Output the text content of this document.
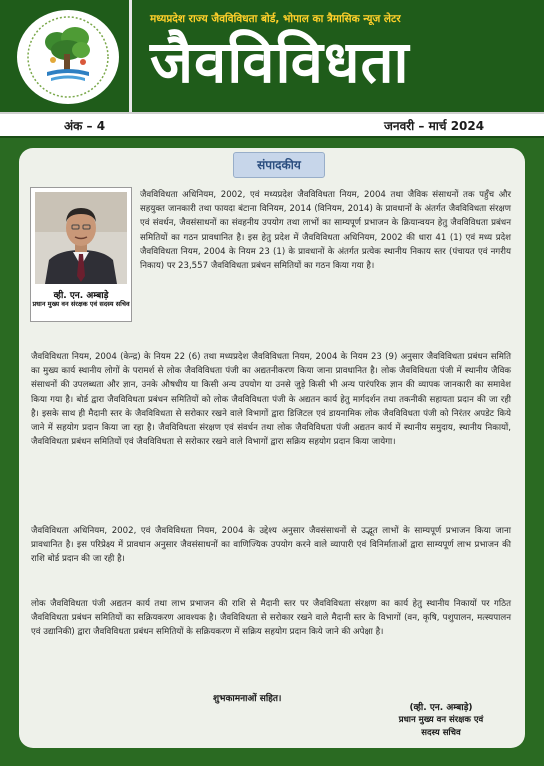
मध्यप्रदेश राज्य जैवविविधता बोर्ड, भोपाल का त्रैमासिक न्यूज लेटर
जैवविविधता
अंक – 4	जनवरी – मार्च 2024
संपादकीय
व्ही. एन. अम्बाड़े
प्रधान मुख्य वन संरक्षक एवं सदस्य सचिव

जैवविविधता अधिनियम, 2002, एवं मध्यप्रदेश जैवविविधता नियम, 2004 तथा जैविक संसाधनों तक पहुँच और सहयुक्त जानकारी तथा फायदा बंटाना विनियम, 2014 (विनियम, 2014) के प्रावधानों के अंतर्गत जैवविविधता संरक्षण एवं संवर्धन, जैवसंसाधनों का संवहनीय उपयोग तथा लाभों का साम्यपूर्ण प्रभाजन के क्रियान्वयन हेतु जैवविविधता प्रबंधन समितियों का गठन प्रावधानित है। इस हेतु प्रदेश में जैवविविधता अधिनियम, 2002 की धारा 41 (1) एवं मध्य प्रदेश जैवविविधता नियम, 2004 के नियम 23 (1) के प्रावधानों के अंतर्गत प्रत्येक स्थानीय निकाय स्तर (पंचायत एवं नगरीय निकाय) पर 23,557 जैवविविधता प्रबंधन समितियों का गठन किया गया है।

जैवविविधता नियम, 2004 (केन्द्र) के नियम 22 (6) तथा मध्यप्रदेश जैवविविधता नियम, 2004 के नियम 23 (9) अनुसार जैवविविधता प्रबंधन समिति का मुख्य कार्य स्थानीय लोगों के परामर्श से लोक जैवविविधता पंजी का अद्यतनीकरण किया जाना प्रावधानित है। लोक जैवविविधता पंजी में स्थानीय जैविक संसाधनों की उपलब्धता और ज्ञान, उनके औषधीय या किसी अन्य उपयोग या उनसे जुड़े किसी भी अन्य पारंपरिक ज्ञान की व्यापक जानकारी का समावेश किया गया है। बोर्ड द्वारा जैवविविधता प्रबंधन समितियों को लोक जैवविविधता पंजी के अद्यतन कार्य हेतु मार्गदर्शन तथा तकनीकी सहायता प्रदान की जा रही है। इसके साथ ही मैदानी स्तर के जैवविविधता से सरोकार रखने वाले विभागों द्वारा डिजिटल एवं डायनामिक लोक जैवविविधता पंजी को निरंतर अपडेट किये जाने में सहयोग प्रदान किया जा रहा है। जैवविविधता संरक्षण एवं संवर्धन तथा लोक जैवविविधता पंजी अद्यतन कार्य में स्थानीय समुदाय, स्थानीय निकायों, जैवविविधता प्रबंधन समितियों एवं जैवविविधता से सरोकार रखने वाले विभागों द्वारा सक्रिय सहयोग प्रदान किया जायेगा।

जैवविविधता अधिनियम, 2002, एवं जैवविविधता नियम, 2004 के उद्देश्य अनुसार जैवसंसाधनों से उद्भूत लाभों के साम्यपूर्ण प्रभाजन किया जाना प्रावधानित है। इस परिप्रेक्ष्य में प्रावधान अनुसार जैवसंसाधनों का वाणिज्यिक उपयोग करने वाले व्यापारी एवं विनिर्माताओं द्वारा साम्यपूर्ण लाभ प्रभाजन की राशि बोर्ड प्रदान की जा रही है।

लोक जैवविविधता पंजी अद्यतन कार्य तथा लाभ प्रभाजन की राशि से मैदानी स्तर पर जैवविविधता संरक्षण का कार्य हेतु स्थानीय निकायों पर गठित जैवविविधता प्रबंधन समितियों का सक्रियकरण आवश्यक है। जैवविविधता से सरोकार रखने वाले मैदानी स्तर के विभागों (वन, कृषि, पशुपालन, मत्स्यपालन एवं उद्यानिकी) द्वारा जैवविविधता प्रबंधन समितियों के सक्रियकरण में सक्रिय सहयोग प्रदान किये जाने की अपेक्षा है।

शुभकामनाओं सहित।
(व्ही. एन. अम्बाड़े)
प्रधान मुख्य वन संरक्षक एवं
सदस्य सचिव
